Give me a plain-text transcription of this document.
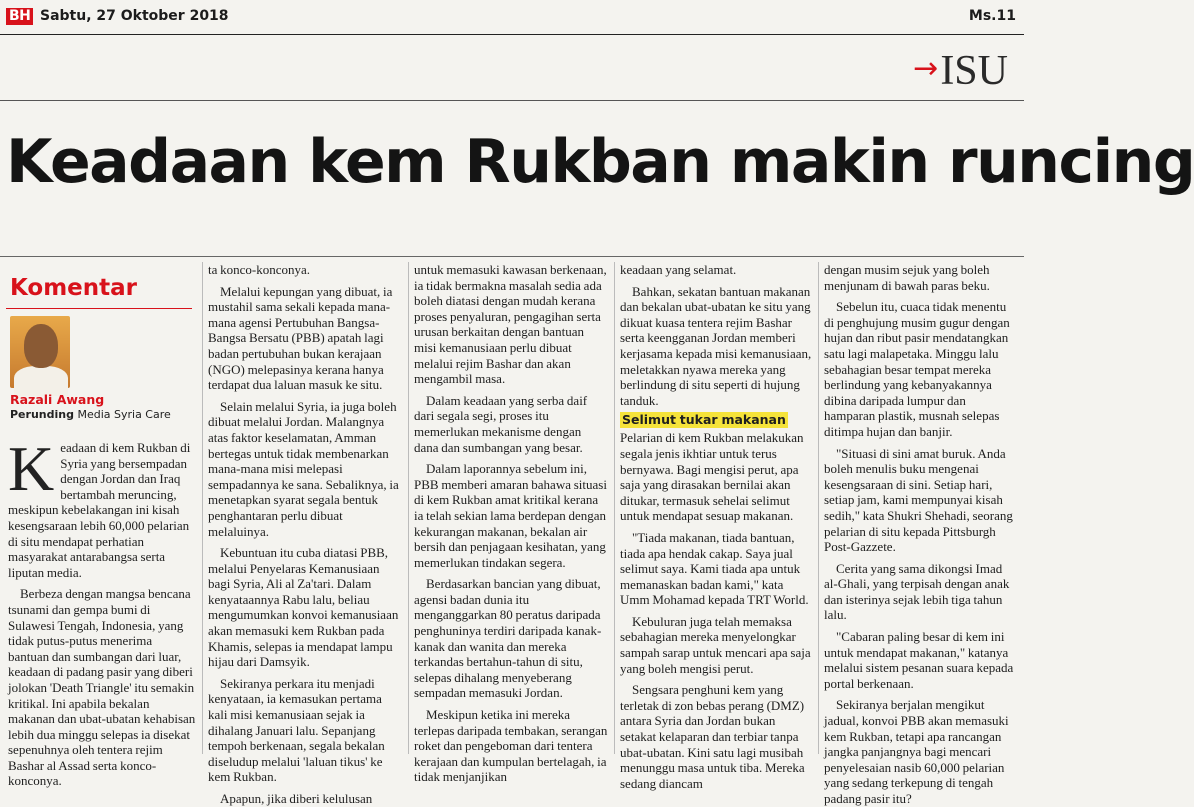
BH Sabtu, 27 Oktober 2018	Ms.11
→ISU
Keadaan kem Rukban makin runcing
Komentar
Razali Awang
Perunding Media Syria Care

Keadaan di kem Rukban di Syria yang bersempadan dengan Jordan dan Iraq bertambah meruncing, meskipun kebelakangan ini kisah kesengsaraan lebih 60,000 pelarian di situ mendapat perhatian masyarakat antarabangsa serta liputan media.

Berbeza dengan mangsa bencana tsunami dan gempa bumi di Sulawesi Tengah, Indonesia, yang tidak putus-putus menerima bantuan dan sumbangan dari luar, keadaan di padang pasir yang diberi jolokan 'Death Triangle' itu semakin kritikal. Ini apabila bekalan makanan dan ubat-ubatan kehabisan lebih dua minggu selepas ia disekat sepenuhnya oleh tentera rejim Bashar al Assad serta konco-konconya.

ta konco-konconya.

Melalui kepungan yang dibuat, ia mustahil sama sekali kepada mana-mana agensi Pertubuhan Bangsa-Bangsa Bersatu (PBB) apatah lagi badan pertubuhan bukan kerajaan (NGO) melepasinya kerana hanya terdapat dua laluan masuk ke situ.

Selain melalui Syria, ia juga boleh dibuat melalui Jordan. Malangnya atas faktor keselamatan, Amman bertegas untuk tidak membenarkan mana-mana misi melepasi sempadannya ke sana. Sebaliknya, ia menetapkan syarat segala bentuk penghantaran perlu dibuat melaluinya.

Kebuntuan itu cuba diatasi PBB, melalui Penyelaras Kemanusiaan bagi Syria, Ali al Za'tari. Dalam kenyataannya Rabu lalu, beliau mengumumkan konvoi kemanusiaan akan memasuki kem Rukban pada Khamis, selepas ia mendapat lampu hijau dari Damsyik.

Sekiranya perkara itu menjadi kenyataan, ia kemasukan pertama kali misi kemanusiaan sejak ia dihalang Januari lalu. Sepanjang tempoh berkenaan, segala bekalan diseludup melalui 'laluan tikus' ke kem Rukban.

Apapun, jika diberi kelulusan

untuk memasuki kawasan berkenaan, ia tidak bermakna masalah sedia ada boleh diatasi dengan mudah kerana proses penyaluran, pengagihan serta urusan berkaitan dengan bantuan misi kemanusiaan perlu dibuat melalui rejim Bashar dan akan mengambil masa.

Dalam keadaan yang serba daif dari segala segi, proses itu memerlukan mekanisme dengan dana dan sumbangan yang besar.

Dalam laporannya sebelum ini, PBB memberi amaran bahawa situasi di kem Rukban amat kritikal kerana ia telah sekian lama berdepan dengan kekurangan makanan, bekalan air bersih dan penjagaan kesihatan, yang memerlukan tindakan segera.

Berdasarkan bancian yang dibuat, agensi badan dunia itu menganggarkan 80 peratus daripada penghuninya terdiri daripada kanak-kanak dan wanita dan mereka terkandas bertahun-tahun di situ, selepas dihalang menyeberang sempadan memasuki Jordan.

Meskipun ketika ini mereka terlepas daripada tembakan, serangan roket dan pengeboman dari tentera kerajaan dan kumpulan bertelagah, ia tidak menjanjikan

keadaan yang selamat.

Bahkan, sekatan bantuan makanan dan bekalan ubat-ubatan ke situ yang dikuat kuasa tentera rejim Bashar serta keengganan Jordan memberi kerjasama kepada misi kemanusiaan, meletakkan nyawa mereka yang berlindung di situ seperti di hujung tanduk.

Selimut tukar makanan

Pelarian di kem Rukban melakukan segala jenis ikhtiar untuk terus bernyawa. Bagi mengisi perut, apa saja yang dirasakan bernilai akan ditukar, termasuk sehelai selimut untuk mendapat sesuap makanan.

"Tiada makanan, tiada bantuan, tiada apa hendak cakap. Saya jual selimut saya. Kami tiada apa untuk memanaskan badan kami," kata Umm Mohamad kepada TRT World.

Kebuluran juga telah memaksa sebahagian mereka menyelongkar sampah sarap untuk mencari apa saja yang boleh mengisi perut.

Sengsara penghuni kem yang terletak di zon bebas perang (DMZ) antara Syria dan Jordan bukan setakat kelaparan dan terbiar tanpa ubat-ubatan. Kini satu lagi musibah menunggu masa untuk tiba. Mereka sedang diancam

dengan musim sejuk yang boleh menjunam di bawah paras beku.

Sebelun itu, cuaca tidak menentu di penghujung musim gugur dengan hujan dan ribut pasir mendatangkan satu lagi malapetaka. Minggu lalu sebahagian besar tempat mereka berlindung yang kebanyakannya dibina daripada lumpur dan hamparan plastik, musnah selepas ditimpa hujan dan banjir.

"Situasi di sini amat buruk. Anda boleh menulis buku mengenai kesengsaraan di sini. Setiap hari, setiap jam, kami mempunyai kisah sedih," kata Shukri Shehadi, seorang pelarian di situ kepada Pittsburgh Post-Gazzete.

Cerita yang sama dikongsi Imad al-Ghali, yang terpisah dengan anak dan isterinya sejak lebih tiga tahun lalu.

"Cabaran paling besar di kem ini untuk mendapat makanan," katanya melalui sistem pesanan suara kepada portal berkenaan.

Sekiranya berjalan mengikut jadual, konvoi PBB akan memasuki kem Rukban, tetapi apa rancangan jangka panjangnya bagi mencari penyelesaian nasib 60,000 pelarian yang sedang terkepung di tengah padang pasir itu?
